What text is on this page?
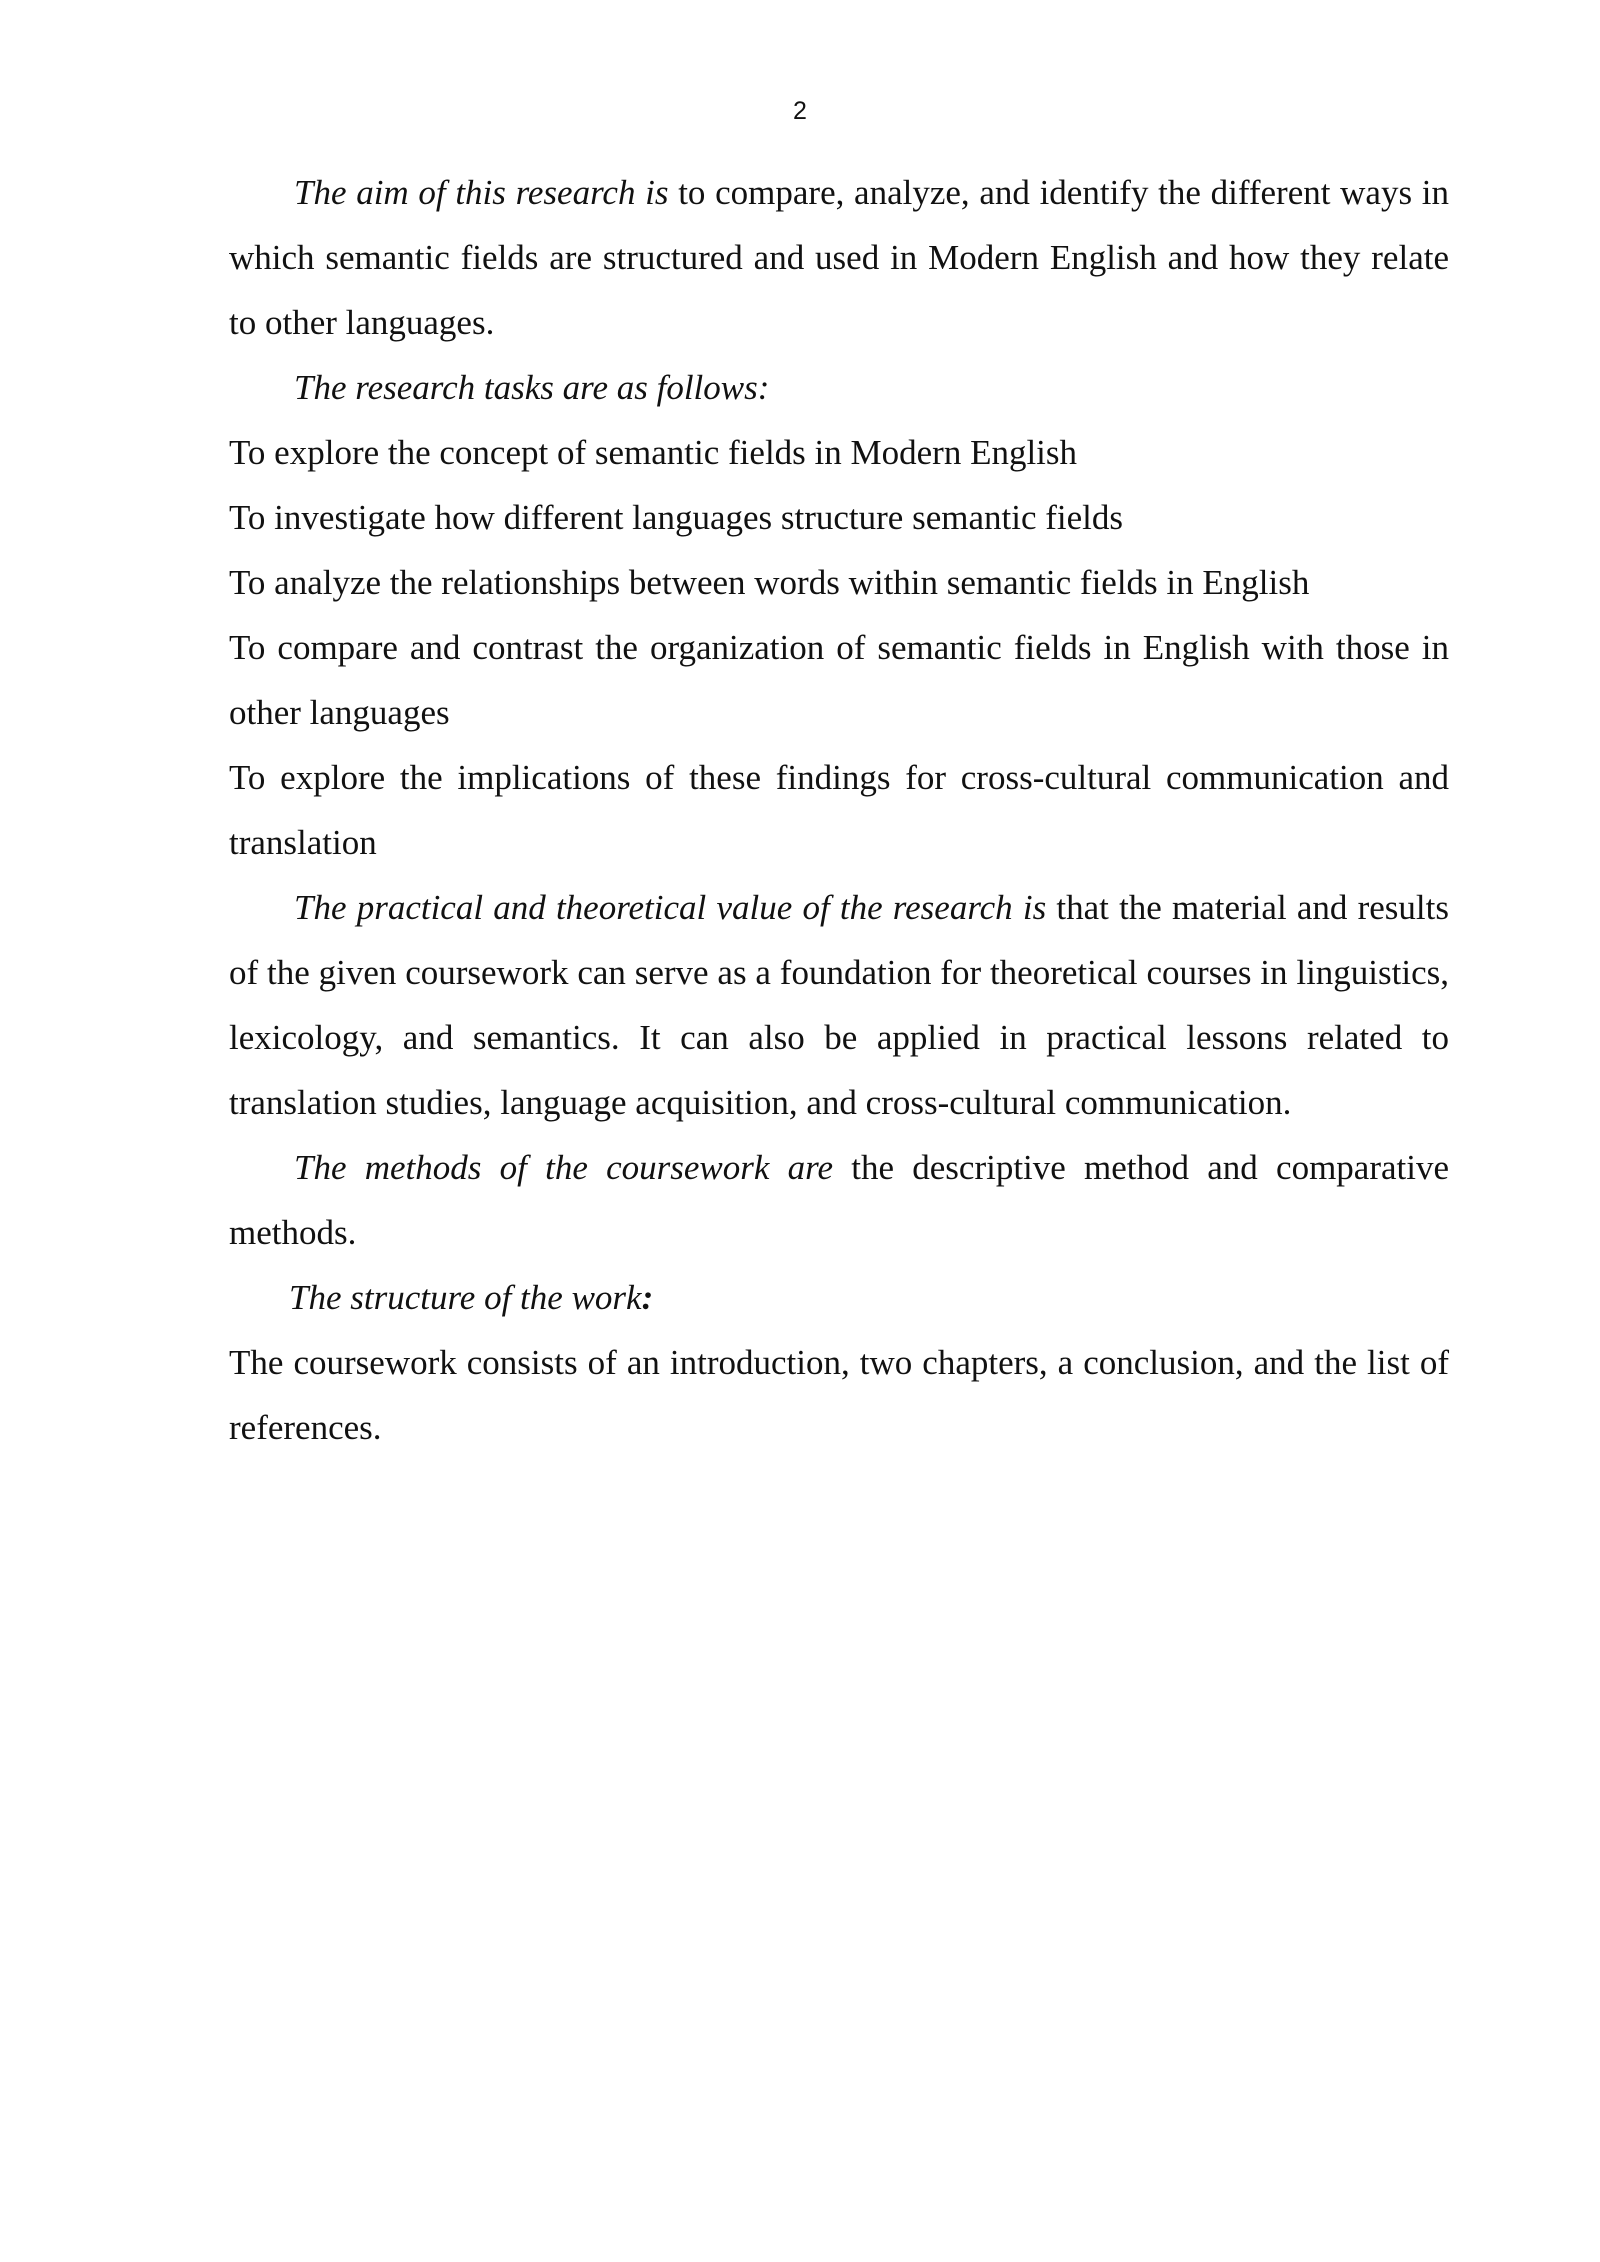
2

The aim of this research is to compare, analyze, and identify the different ways in which semantic fields are structured and used in Modern English and how they relate to other languages.

The research tasks are as follows:

To explore the concept of semantic fields in Modern English

To investigate how different languages structure semantic fields

To analyze the relationships between words within semantic fields in English

To compare and contrast the organization of semantic fields in English with those in other languages

To explore the implications of these findings for cross-cultural communication and translation

The practical and theoretical value of the research is that the material and results of the given coursework can serve as a foundation for theoretical courses in linguistics, lexicology, and semantics. It can also be applied in practical lessons related to translation studies, language acquisition, and cross-cultural communication.

The methods of the coursework are the descriptive method and comparative methods.

The structure of the work:

The coursework consists of an introduction, two chapters, a conclusion, and the list of references.
